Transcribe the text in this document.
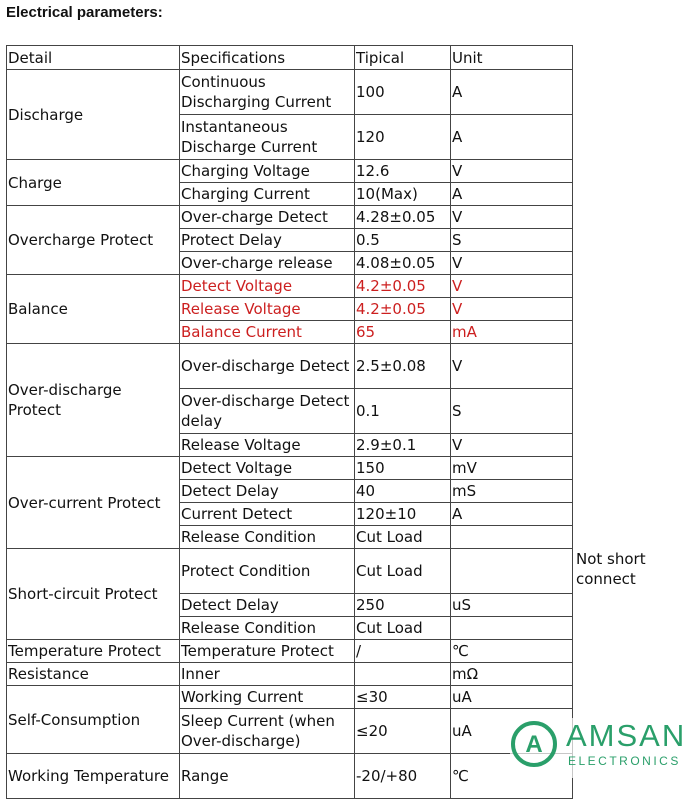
Electrical parameters:
Detail	Specifications	Tipical	Unit	
Discharge	Continuous Discharging Current	100	A	
	Instantaneous Discharge Current	120	A	
Charge	Charging Voltage	12.6	V	
	Charging Current	10(Max)	A	
Overcharge Protect	Over-charge Detect	4.28±0.05	V	
	Protect Delay	0.5	S	
	Over-charge release	4.08±0.05	V	
Balance	Detect Voltage	4.2±0.05	V	
	Release Voltage	4.2±0.05	V	
	Balance Current	65	mA	
Over-discharge Protect	Over-discharge Detect	2.5±0.08	V	
	Over-discharge Detect delay	0.1	S	
	Release Voltage	2.9±0.1	V	
Over-current Protect	Detect Voltage	150	mV	
	Detect Delay	40	mS	
	Current Detect	120±10	A	
	Release Condition	Cut Load		
Short-circuit Protect	Protect Condition	Cut Load		Not short connect
	Detect Delay	250	uS	
	Release Condition	Cut Load		
Temperature Protect	Temperature Protect	/	℃	
Resistance	Inner		mΩ	
Self-Consumption	Working Current	≤30	uA	
	Sleep Current (when Over-discharge)	≤20	uA	
Working Temperature	Range	-20/+80	℃	
A AMSAN
ELECTRONICS
